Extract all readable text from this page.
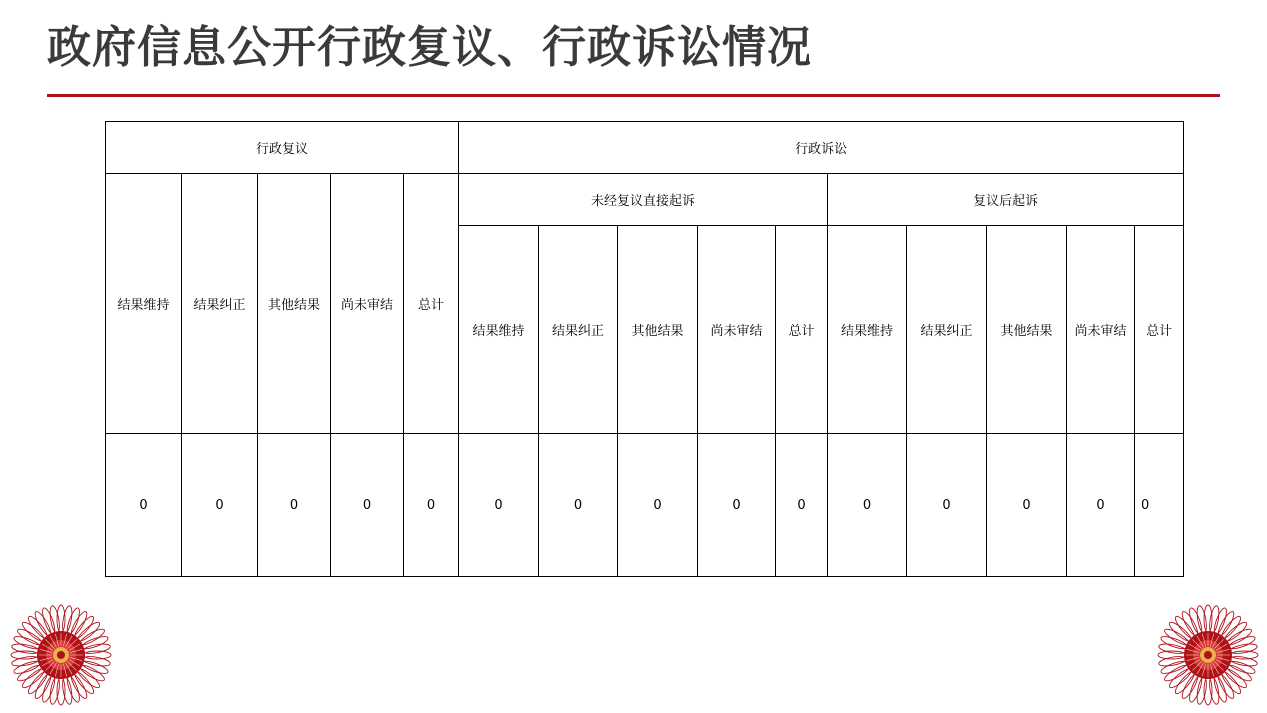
政府信息公开行政复议、行政诉讼情况
行政复议					行政诉讼									
结果维持	结果纠正	其他结果	尚未审结	总计	未经复议直接起诉					复议后起诉				
					结果维持	结果纠正	其他结果	尚未审结	总计	结果维持	结果纠正	其他结果	尚未审结	总计
0	0	0	0	0	0	0	0	0	0	0	0	0	0	0
